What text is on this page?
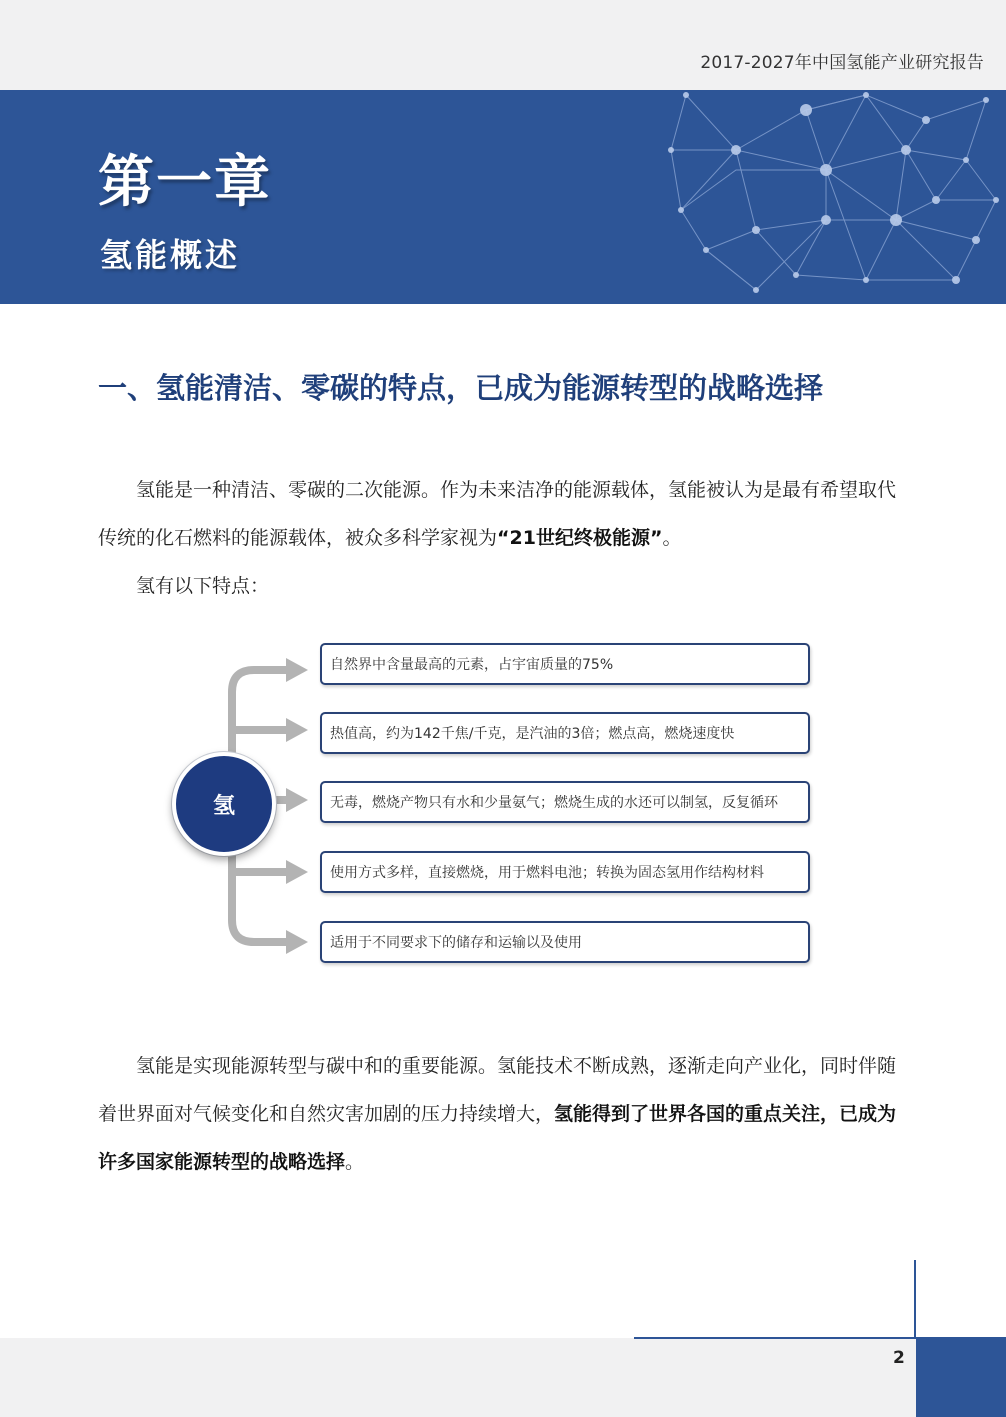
2017-2027年中国氢能产业研究报告
第一章
氢能概述
一、氢能清洁、零碳的特点，已成为能源转型的战略选择

氢能是一种清洁、零碳的二次能源。作为未来洁净的能源载体，氢能被认为是最有希望取代传统的化石燃料的能源载体，被众多科学家视为“21世纪终极能源”。

氢有以下特点：

氢
自然界中含量最高的元素，占宇宙质量的75%
热值高，约为142千焦/千克，是汽油的3倍；燃点高，燃烧速度快
无毒，燃烧产物只有水和少量氨气；燃烧生成的水还可以制氢，反复循环
使用方式多样，直接燃烧，用于燃料电池；转换为固态氢用作结构材料
适用于不同要求下的储存和运输以及使用

氢能是实现能源转型与碳中和的重要能源。氢能技术不断成熟，逐渐走向产业化，同时伴随着世界面对气候变化和自然灾害加剧的压力持续增大，氢能得到了世界各国的重点关注，已成为许多国家能源转型的战略选择。

2
